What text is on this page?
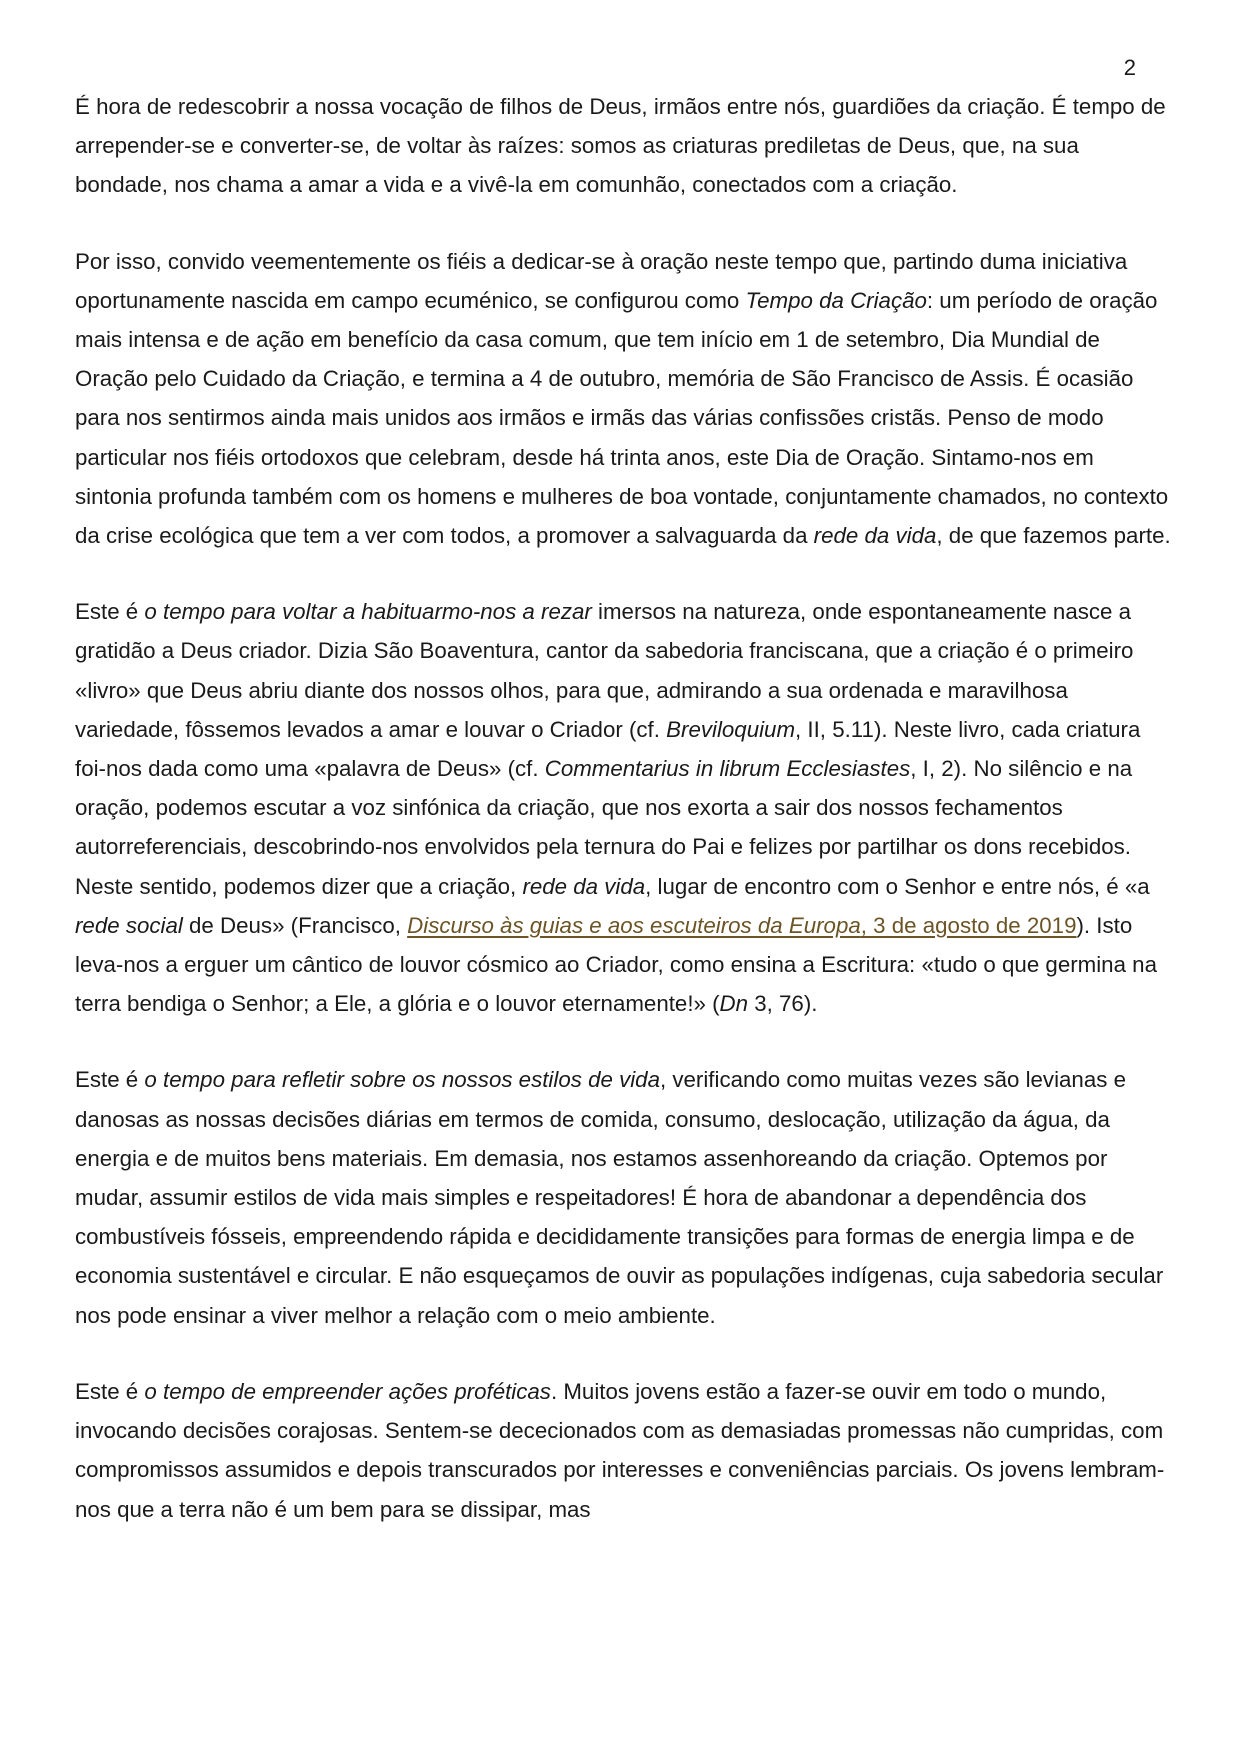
2

É hora de redescobrir a nossa vocação de filhos de Deus, irmãos entre nós, guardiões da criação. É tempo de arrepender-se e converter-se, de voltar às raízes: somos as criaturas prediletas de Deus, que, na sua bondade, nos chama a amar a vida e a vivê-la em comunhão, conectados com a criação.

Por isso, convido veementemente os fiéis a dedicar-se à oração neste tempo que, partindo duma iniciativa oportunamente nascida em campo ecuménico, se configurou como Tempo da Criação: um período de oração mais intensa e de ação em benefício da casa comum, que tem início em 1 de setembro, Dia Mundial de Oração pelo Cuidado da Criação, e termina a 4 de outubro, memória de São Francisco de Assis. É ocasião para nos sentirmos ainda mais unidos aos irmãos e irmãs das várias confissões cristãs. Penso de modo particular nos fiéis ortodoxos que celebram, desde há trinta anos, este Dia de Oração. Sintamo-nos em sintonia profunda também com os homens e mulheres de boa vontade, conjuntamente chamados, no contexto da crise ecológica que tem a ver com todos, a promover a salvaguarda da rede da vida, de que fazemos parte.

Este é o tempo para voltar a habituarmo-nos a rezar imersos na natureza, onde espontaneamente nasce a gratidão a Deus criador. Dizia São Boaventura, cantor da sabedoria franciscana, que a criação é o primeiro «livro» que Deus abriu diante dos nossos olhos, para que, admirando a sua ordenada e maravilhosa variedade, fôssemos levados a amar e louvar o Criador (cf. Breviloquium, II, 5.11). Neste livro, cada criatura foi-nos dada como uma «palavra de Deus» (cf. Commentarius in librum Ecclesiastes, I, 2). No silêncio e na oração, podemos escutar a voz sinfónica da criação, que nos exorta a sair dos nossos fechamentos autorreferenciais, descobrindo-nos envolvidos pela ternura do Pai e felizes por partilhar os dons recebidos. Neste sentido, podemos dizer que a criação, rede da vida, lugar de encontro com o Senhor e entre nós, é «a rede social de Deus» (Francisco, Discurso às guias e aos escuteiros da Europa, 3 de agosto de 2019). Isto leva-nos a erguer um cântico de louvor cósmico ao Criador, como ensina a Escritura: «tudo o que germina na terra bendiga o Senhor; a Ele, a glória e o louvor eternamente!» (Dn 3, 76).

Este é o tempo para refletir sobre os nossos estilos de vida, verificando como muitas vezes são levianas e danosas as nossas decisões diárias em termos de comida, consumo, deslocação, utilização da água, da energia e de muitos bens materiais. Em demasia, nos estamos assenhoreando da criação. Optemos por mudar, assumir estilos de vida mais simples e respeitadores! É hora de abandonar a dependência dos combustíveis fósseis, empreendendo rápida e decididamente transições para formas de energia limpa e de economia sustentável e circular. E não esqueçamos de ouvir as populações indígenas, cuja sabedoria secular nos pode ensinar a viver melhor a relação com o meio ambiente.

Este é o tempo de empreender ações proféticas. Muitos jovens estão a fazer-se ouvir em todo o mundo, invocando decisões corajosas. Sentem-se dececionados com as demasiadas promessas não cumpridas, com compromissos assumidos e depois transcurados por interesses e conveniências parciais. Os jovens lembram-nos que a terra não é um bem para se dissipar, mas
